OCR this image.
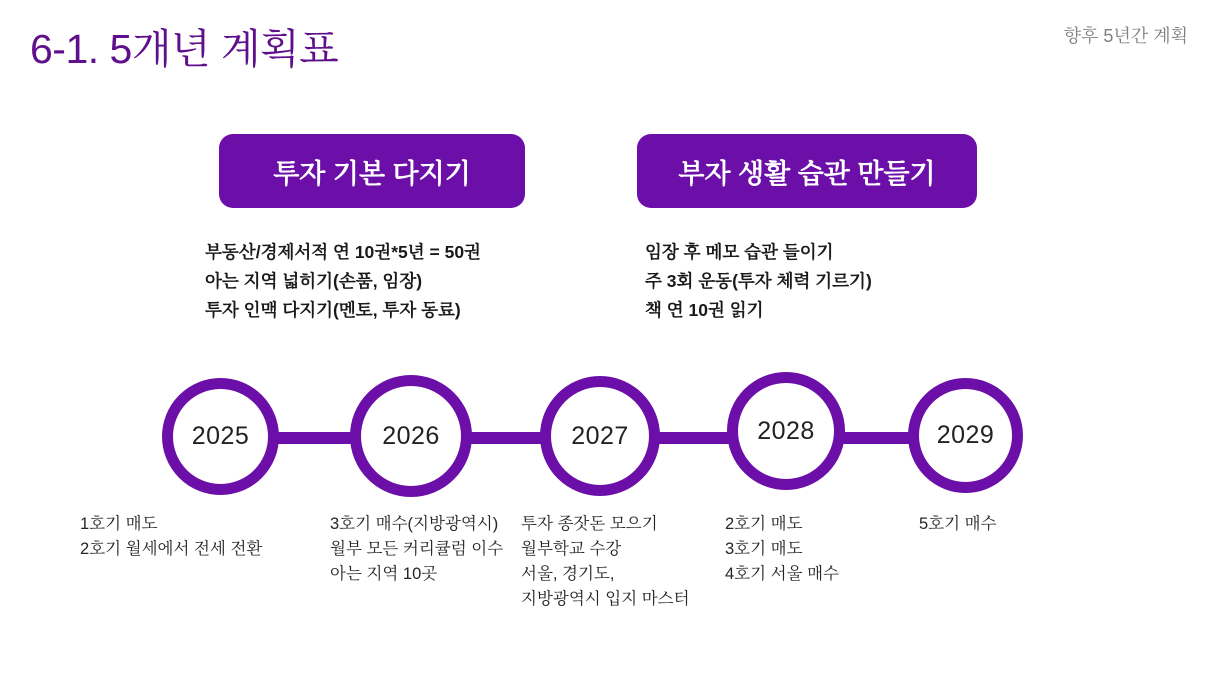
6-1. 5개년 계획표	향후 5년간 계획
투자 기본 다지기
부동산/경제서적 연 10권*5년 = 50권
아는 지역 넓히기(손품, 임장)
투자 인맥 다지기(멘토, 투자 동료)
부자 생활 습관 만들기
임장 후 메모 습관 들이기
주 3회 운동(투자 체력 기르기)
책 연 10권 읽기
2025	2026	2027	2028	2029
1호기 매도
2호기 월세에서 전세 전환
3호기 매수(지방광역시)
월부 모든 커리큘럼 이수
아는 지역 10곳
투자 종잣돈 모으기
월부학교 수강
서울, 경기도,
지방광역시 입지 마스터
2호기 매도
3호기 매도
4호기 서울 매수
5호기 매수
